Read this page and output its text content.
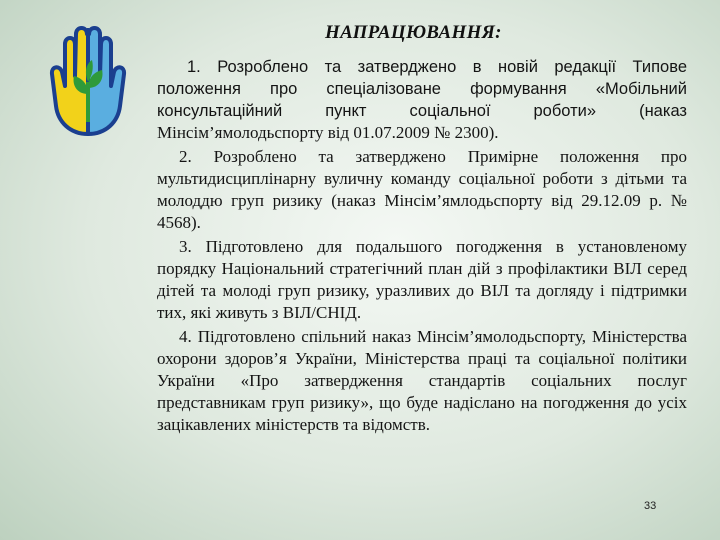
НАПРАЦЮВАННЯ:

1. Розроблено та затверджено в новій редакції Типове положення про спеціалізоване формування «Мобільний консультаційний пункт соціальної роботи» (наказ Мінсім’ямолодьспорту від 01.07.2009 № 2300).

2. Розроблено та затверджено Примірне положення про мультидисциплінарну вуличну команду соціальної роботи з дітьми та молоддю груп ризику (наказ Мінсім’ямлодьспорту від 29.12.09 р. № 4568).

3. Підготовлено для подальшого погодження в установленому порядку Національний стратегічний план дій з профілактики ВІЛ серед дітей та молоді груп ризику, уразливих до ВІЛ та догляду і підтримки тих, які живуть з ВІЛ/СНІД.

4. Підготовлено спільний наказ Мінсім’ямолодьспорту, Міністерства охорони здоров’я України, Міністерства праці та соціальної політики України «Про затвердження стандартів соціальних послуг представникам груп ризику», що буде надіслано на погодження до усіх зацікавлених міністерств та відомств.

33
